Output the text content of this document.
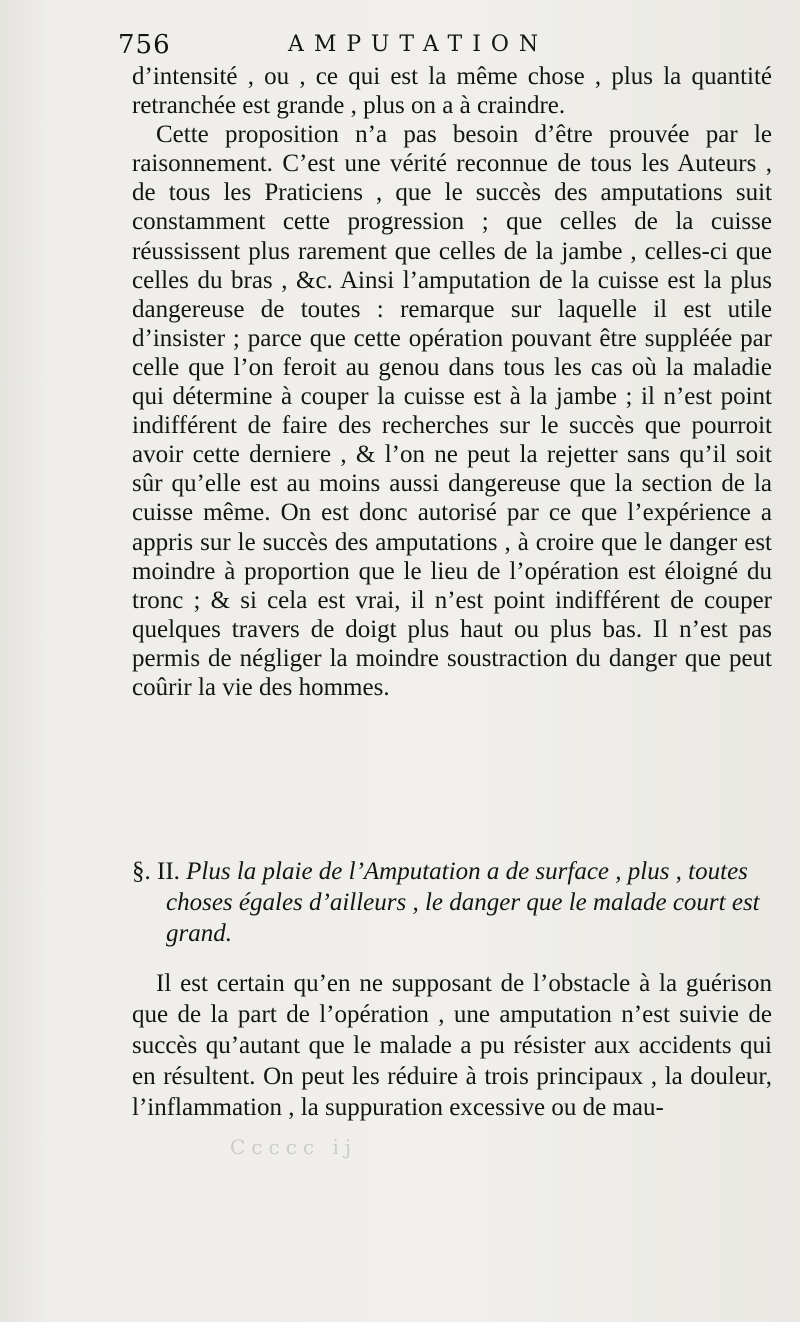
756	AMPUTATION

d’intensité , ou , ce qui est la même chose , plus la quantité retranchée est grande , plus on a à craindre.

Cette proposition n’a pas besoin d’être prouvée par le raisonnement. C’est une vérité reconnue de tous les Auteurs , de tous les Praticiens , que le succès des amputations suit constamment cette progression ; que celles de la cuisse réussissent plus rarement que celles de la jambe , celles-ci que celles du bras , &c. Ainsi l’amputation de la cuisse est la plus dangereuse de toutes : remarque sur laquelle il est utile d’insister ; parce que cette opération pouvant être suppléée par celle que l’on feroit au genou dans tous les cas où la maladie qui détermine à couper la cuisse est à la jambe ; il n’est point indifférent de faire des recherches sur le succès que pourroit avoir cette derniere , & l’on ne peut la rejetter sans qu’il soit sûr qu’elle est au moins aussi dangereuse que la section de la cuisse même. On est donc autorisé par ce que l’expérience a appris sur le succès des amputations , à croire que le danger est moindre à proportion que le lieu de l’opération est éloigné du tronc ; & si cela est vrai, il n’est point indifférent de couper quelques travers de doigt plus haut ou plus bas. Il n’est pas permis de négliger la moindre soustraction du danger que peut coûrir la vie des hommes.

§. II. Plus la plaie de l’Amputation a de surface , plus , toutes choses égales d’ailleurs , le danger que le malade court est grand.

Il est certain qu’en ne supposant de l’obstacle à la guérison que de la part de l’opération , une amputation n’est suivie de succès qu’autant que le malade a pu résister aux accidents qui en résultent. On peut les réduire à trois principaux , la douleur, l’inflammation , la suppuration excessive ou de mau-

Ccccc ij
